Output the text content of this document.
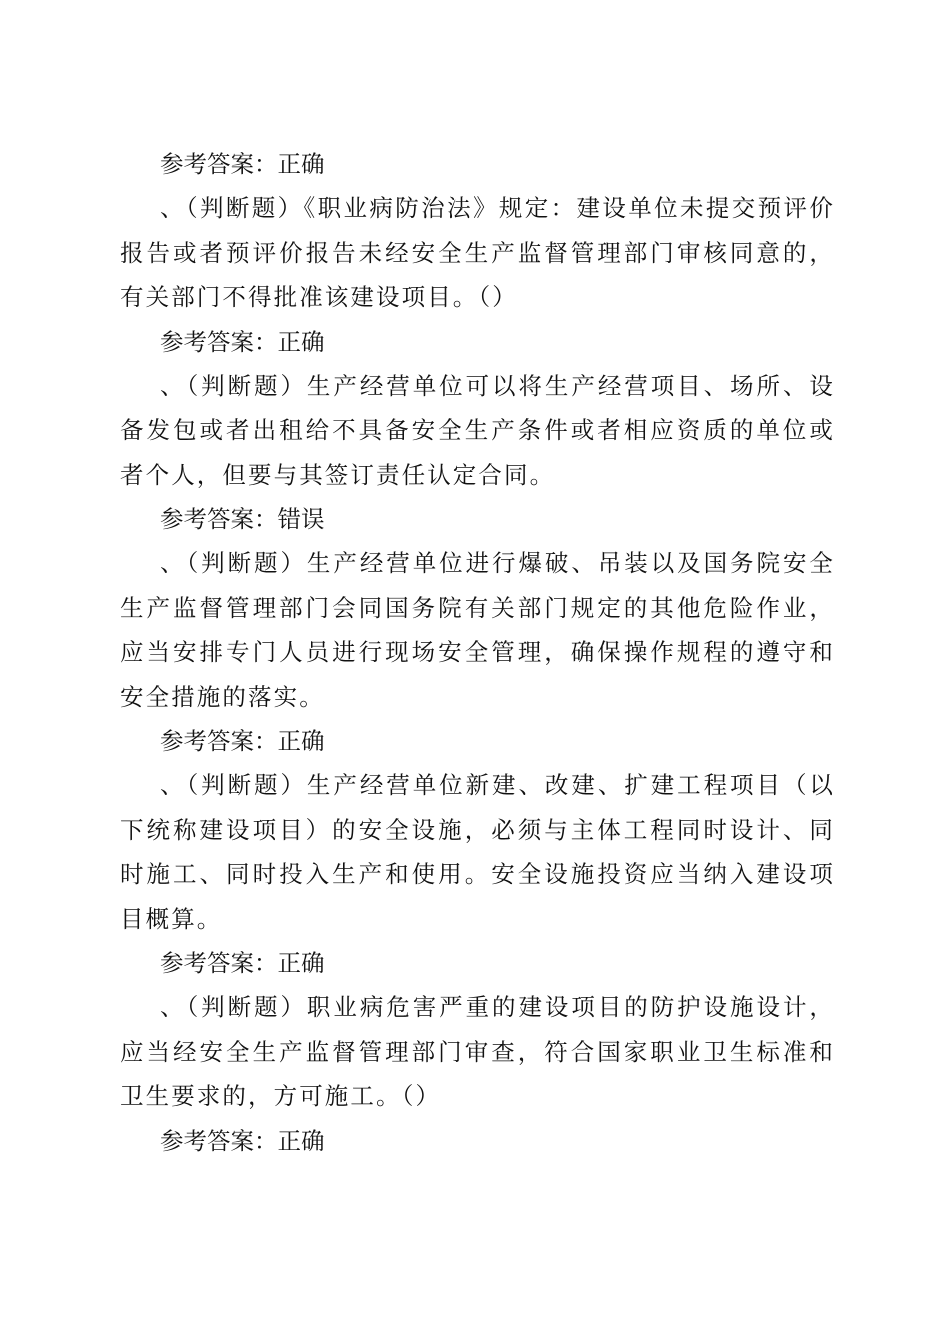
参考答案：正确

、（判断题）《职业病防治法》规定：建设单位未提交预评价报告或者预评价报告未经安全生产监督管理部门审核同意的，有关部门不得批准该建设项目。（）

参考答案：正确

、（判断题）生产经营单位可以将生产经营项目、场所、设备发包或者出租给不具备安全生产条件或者相应资质的单位或者个人，但要与其签订责任认定合同。

参考答案：错误

、（判断题）生产经营单位进行爆破、吊装以及国务院安全生产监督管理部门会同国务院有关部门规定的其他危险作业，应当安排专门人员进行现场安全管理，确保操作规程的遵守和安全措施的落实。

参考答案：正确

、（判断题）生产经营单位新建、改建、扩建工程项目（以下统称建设项目）的安全设施，必须与主体工程同时设计、同时施工、同时投入生产和使用。安全设施投资应当纳入建设项目概算。

参考答案：正确

、（判断题）职业病危害严重的建设项目的防护设施设计，应当经安全生产监督管理部门审查，符合国家职业卫生标准和卫生要求的，方可施工。（）

参考答案：正确
